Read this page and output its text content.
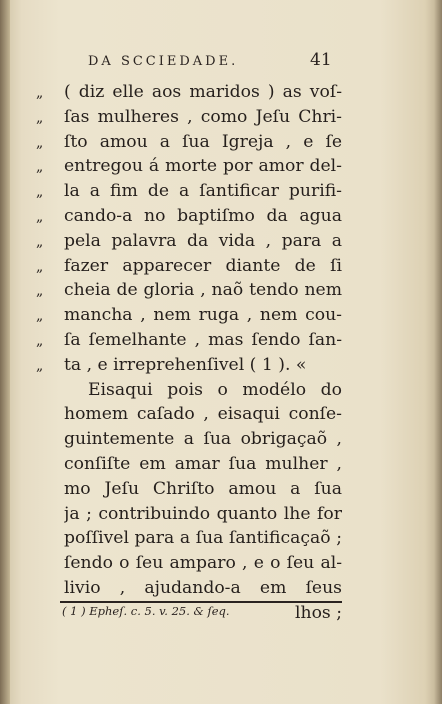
DA SCCIEDADE.	41
„	( diz elle aos maridos ) as voſ-
„	ſas mulheres , como Jeſu Chri-
„	ſto amou a ſua Igreja , e ſe
„	entregou á morte por amor del-
„	la a fim de a ſantificar purifi-
„	cando-a no baptiſmo da agua
„	pela palavra da vida , para a
„	fazer apparecer diante de ſi
„	cheia de gloria , naõ tendo nem
„	mancha , nem ruga , nem cou-
„	ſa ſemelhante , mas ſendo ſan-
„	ta , e irreprehenſivel ( 1 ). «
Eisaqui pois o modélo do
homem caſado , eisaqui conſe-
guintemente a ſua obrigaçaõ ,
conſiſte em amar ſua mulher ,
mo Jeſu Chriſto amou a ſua
ja ; contribuindo quanto lhe for
poſſivel para a ſua ſantificaçaõ ;
ſendo o ſeu amparo , e o ſeu al-
livio , ajudando-a em ſeus
lhos ;
( 1 ) Epheſ. c. 5. v. 25. & ſeq.
